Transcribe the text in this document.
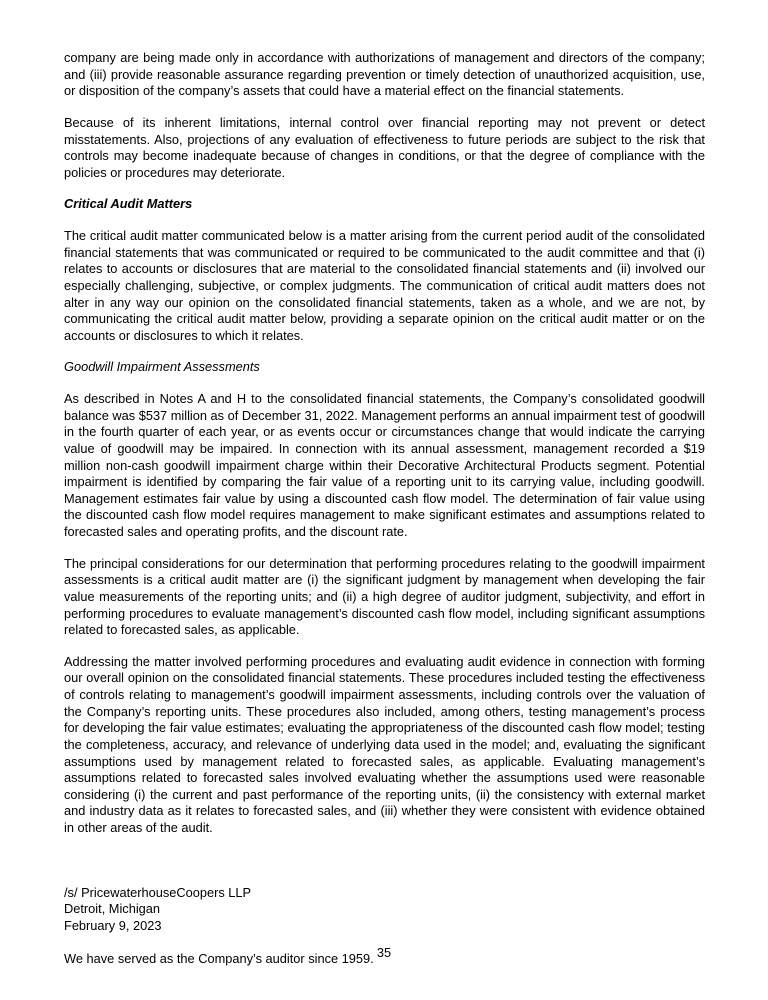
company are being made only in accordance with authorizations of management and directors of the company; and (iii) provide reasonable assurance regarding prevention or timely detection of unauthorized acquisition, use, or disposition of the company’s assets that could have a material effect on the financial statements.

Because of its inherent limitations, internal control over financial reporting may not prevent or detect misstatements. Also, projections of any evaluation of effectiveness to future periods are subject to the risk that controls may become inadequate because of changes in conditions, or that the degree of compliance with the policies or procedures may deteriorate.

Critical Audit Matters

The critical audit matter communicated below is a matter arising from the current period audit of the consolidated financial statements that was communicated or required to be communicated to the audit committee and that (i) relates to accounts or disclosures that are material to the consolidated financial statements and (ii) involved our especially challenging, subjective, or complex judgments. The communication of critical audit matters does not alter in any way our opinion on the consolidated financial statements, taken as a whole, and we are not, by communicating the critical audit matter below, providing a separate opinion on the critical audit matter or on the accounts or disclosures to which it relates.

Goodwill Impairment Assessments

As described in Notes A and H to the consolidated financial statements, the Company’s consolidated goodwill balance was $537 million as of December 31, 2022. Management performs an annual impairment test of goodwill in the fourth quarter of each year, or as events occur or circumstances change that would indicate the carrying value of goodwill may be impaired. In connection with its annual assessment, management recorded a $19 million non-cash goodwill impairment charge within their Decorative Architectural Products segment. Potential impairment is identified by comparing the fair value of a reporting unit to its carrying value, including goodwill. Management estimates fair value by using a discounted cash flow model. The determination of fair value using the discounted cash flow model requires management to make significant estimates and assumptions related to forecasted sales and operating profits, and the discount rate.

The principal considerations for our determination that performing procedures relating to the goodwill impairment assessments is a critical audit matter are (i) the significant judgment by management when developing the fair value measurements of the reporting units; and (ii) a high degree of auditor judgment, subjectivity, and effort in performing procedures to evaluate management’s discounted cash flow model, including significant assumptions related to forecasted sales, as applicable.

Addressing the matter involved performing procedures and evaluating audit evidence in connection with forming our overall opinion on the consolidated financial statements. These procedures included testing the effectiveness of controls relating to management’s goodwill impairment assessments, including controls over the valuation of the Company’s reporting units. These procedures also included, among others, testing management’s process for developing the fair value estimates; evaluating the appropriateness of the discounted cash flow model; testing the completeness, accuracy, and relevance of underlying data used in the model; and, evaluating the significant assumptions used by management related to forecasted sales, as applicable. Evaluating management’s assumptions related to forecasted sales involved evaluating whether the assumptions used were reasonable considering (i) the current and past performance of the reporting units, (ii) the consistency with external market and industry data as it relates to forecasted sales, and (iii) whether they were consistent with evidence obtained in other areas of the audit.

/s/ PricewaterhouseCoopers LLP
Detroit, Michigan
February 9, 2023

We have served as the Company’s auditor since 1959. 35
